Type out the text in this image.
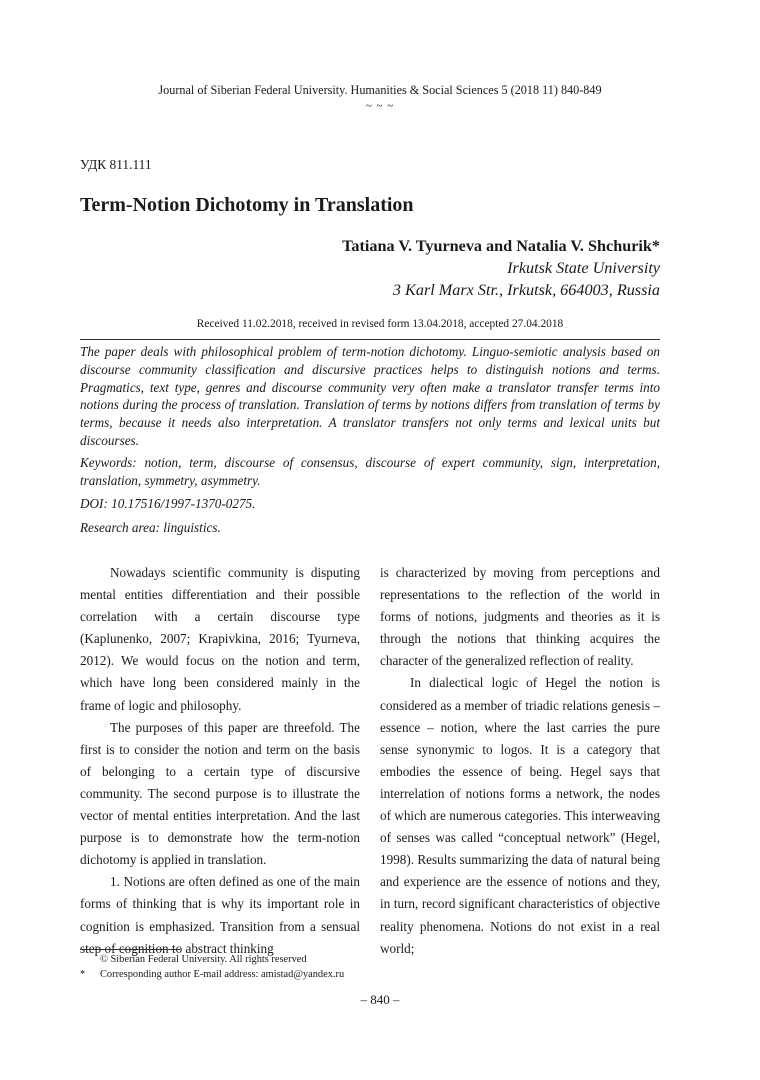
Journal of Siberian Federal University. Humanities & Social Sciences 5 (2018 11) 840-849
~ ~ ~
УДК 811.111
Term-Notion Dichotomy in Translation
Tatiana V. Tyurneva and Natalia V. Shchurik*
Irkutsk State University
3 Karl Marx Str., Irkutsk, 664003, Russia
Received 11.02.2018, received in revised form 13.04.2018, accepted 27.04.2018

The paper deals with philosophical problem of term-notion dichotomy. Linguo-semiotic analysis based on discourse community classification and discursive practices helps to distinguish notions and terms. Pragmatics, text type, genres and discourse community very often make a translator transfer terms into notions during the process of translation. Translation of terms by notions differs from translation of terms by terms, because it needs also interpretation. A translator transfers not only terms and lexical units but discourses.

Keywords: notion, term, discourse of consensus, discourse of expert community, sign, interpretation, translation, symmetry, asymmetry.

DOI: 10.17516/1997-1370-0275.

Research area: linguistics.

Nowadays scientific community is disputing mental entities differentiation and their possible correlation with a certain discourse type (Kaplunenko, 2007; Krapivkina, 2016; Tyurneva, 2012). We would focus on the notion and term, which have long been considered mainly in the frame of logic and philosophy.

The purposes of this paper are threefold. The first is to consider the notion and term on the basis of belonging to a certain type of discursive community. The second purpose is to illustrate the vector of mental entities interpretation. And the last purpose is to demonstrate how the term-notion dichotomy is applied in translation.

1. Notions are often defined as one of the main forms of thinking that is why its important role in cognition is emphasized. Transition from a sensual step of cognition to abstract thinking

is characterized by moving from perceptions and representations to the reflection of the world in forms of notions, judgments and theories as it is through the notions that thinking acquires the character of the generalized reflection of reality.

In dialectical logic of Hegel the notion is considered as a member of triadic relations genesis – essence – notion, where the last carries the pure sense synonymic to logos. It is a category that embodies the essence of being. Hegel says that interrelation of notions forms a network, the nodes of which are numerous categories. This interweaving of senses was called “conceptual network” (Hegel, 1998). Results summarizing the data of natural being and experience are the essence of notions and they, in turn, record significant characteristics of objective reality phenomena. Notions do not exist in a real world;

© Siberian Federal University. All rights reserved
*	Corresponding author E-mail address: amistad@yandex.ru
– 840 –
